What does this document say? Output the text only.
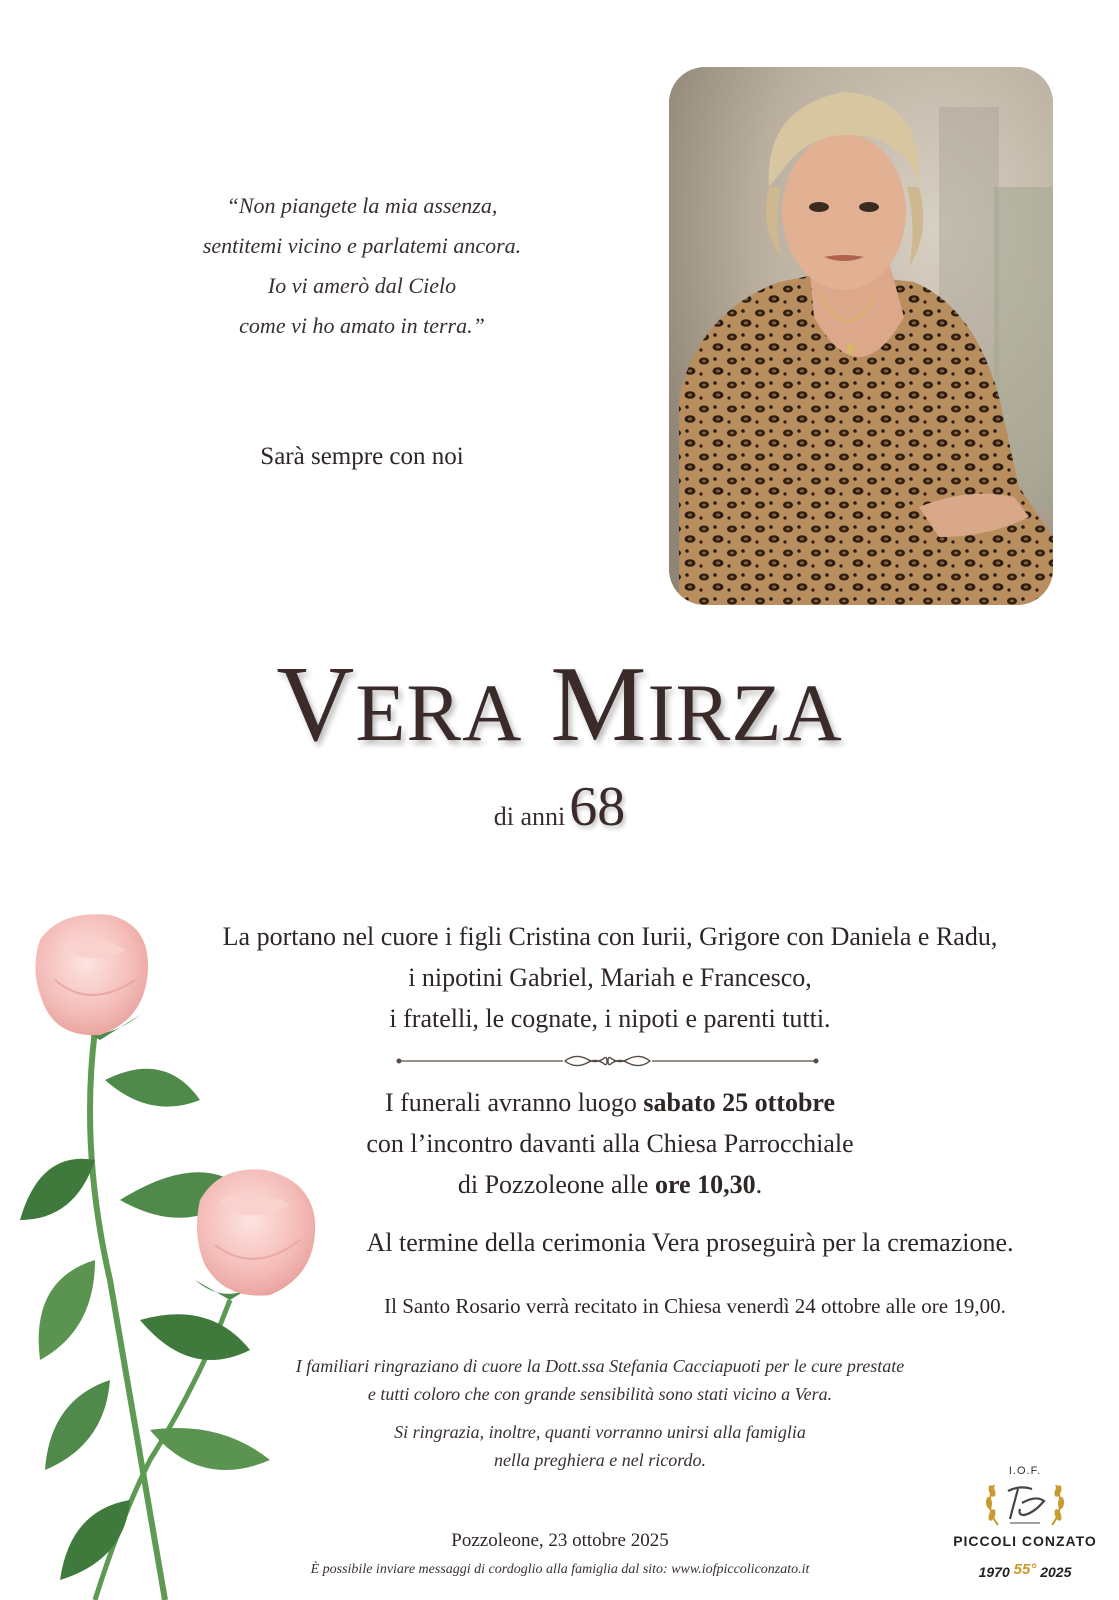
“Non piangete la mia assenza,
sentitemi vicino e parlatemi ancora.
Io vi amerò dal Cielo
come vi ho amato in terra.”
Sarà sempre con noi
VERA MIRZA
di anni 68
La portano nel cuore i figli Cristina con Iurii, Grigore con Daniela e Radu,
i nipotini Gabriel, Mariah e Francesco,
i fratelli, le cognate, i nipoti e parenti tutti.
I funerali avranno luogo sabato 25 ottobre
con l’incontro davanti alla Chiesa Parrocchiale
di Pozzoleone alle ore 10,30.
Al termine della cerimonia Vera proseguirà per la cremazione.
Il Santo Rosario verrà recitato in Chiesa venerdì 24 ottobre alle ore 19,00.
I familiari ringraziano di cuore la Dott.ssa Stefania Cacciapuoti per le cure prestate
e tutti coloro che con grande sensibilità sono stati vicino a Vera.
Si ringrazia, inoltre, quanti vorranno unirsi alla famiglia
nella preghiera e nel ricordo.
Pozzoleone, 23 ottobre 2025
È possibile inviare messaggi di cordoglio alla famiglia dal sito: www.iofpiccoliconzato.it
I.O.F.
PICCOLI CONZATO
1970 55° 2025
